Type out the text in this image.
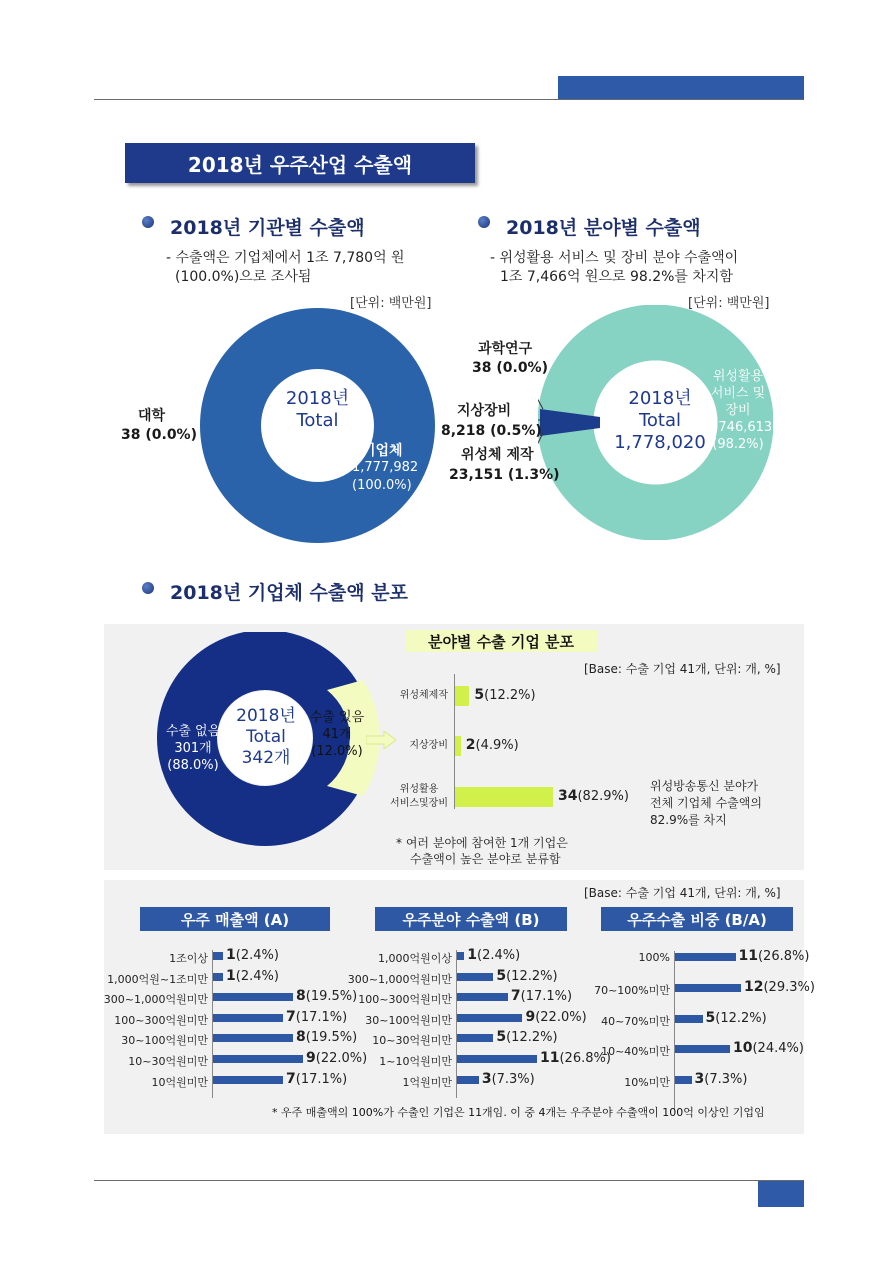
2018년 우주산업 수출액
2018년 기관별 수출액
- 수출액은 기업체에서 1조 7,780억 원
(100.0%)으로 조사됨
[단위: 백만원]
2018년
Total
1,778,020
대학
38 (0.0%)
기업체
1,777,982
(100.0%)
2018년 분야별 수출액
- 위성활용 서비스 및 장비 분야 수출액이
1조 7,466억 원으로 98.2%를 차지함
[단위: 백만원]
2018년
Total
1,778,020
과학연구
38 (0.0%)
지상장비
8,218 (0.5%)
위성체 제작
23,151 (1.3%)
위성활용
서비스 및
장비
1,746,613
(98.2%)
2018년 기업체 수출액 분포
2018년
Total
342개
수출 없음
301개
(88.0%)
수출 있음
41개
(12.0%)
분야별 수출 기업 분포
[Base: 수출 기업 41개, 단위: 개, %]
위성체제작 5(12.2%)
지상장비 2(4.9%)
위성활용
서비스및장비	34(82.9%)
* 여러 분야에 참여한 1개 기업은
수출액이 높은 분야로 분류함
위성방송통신 분야가
전체 기업체 수출액의
82.9%를 차지
[Base: 수출 기업 41개, 단위: 개, %]
우주 매출액 (A)	우주분야 수출액 (B)	우주수출 비중 (B/A)
1조이상 1(2.4%)
1,000억원~1조미만 1(2.4%)
300~1,000억원미만	8(19.5%)
100~300억원미만	7(17.1%)
30~100억원미만	8(19.5%)
10~30억원미만	9(22.0%)
10억원미만	7(17.1%)
1,000억원이상 1(2.4%)
300~1,000억원미만	5(12.2%)
100~300억원미만	7(17.1%)
30~100억원미만	9(22.0%)
10~30억원미만	5(12.2%)
1~10억원미만	11(26.8%)
1억원미만 3(7.3%)
100%	11(26.8%)
70~100%미만	12(29.3%)
40~70%미만	5(12.2%)
10~40%미만	10(24.4%)
10%미만 3(7.3%)
* 우주 매출액의 100%가 수출인 기업은 11개임. 이 중 4개는 우주분야 수출액이 100억 이상인 기업임
